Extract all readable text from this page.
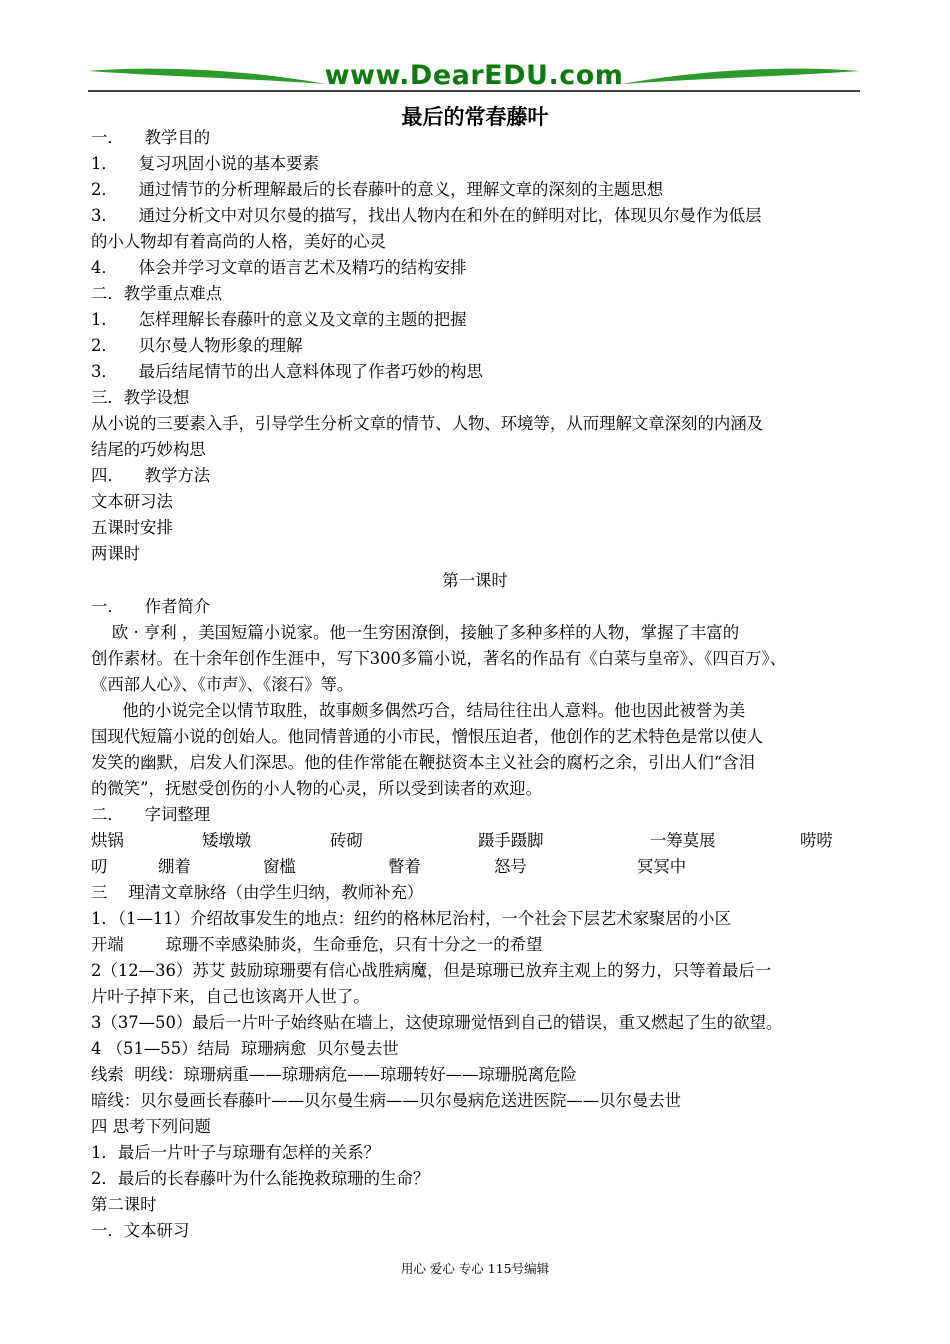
www.DearEDU.com
最后的常春藤叶
一．    教学目的
1．    复习巩固小说的基本要素
2．    通过情节的分析理解最后的长春藤叶的意义，理解文章的深刻的主题思想
3．    通过分析文中对贝尔曼的描写，找出人物内在和外在的鲜明对比，体现贝尔曼作为低层
的小人物却有着高尚的人格，美好的心灵
4．    体会并学习文章的语言艺术及精巧的结构安排
二．教学重点难点
1．    怎样理解长春藤叶的意义及文章的主题的把握
2．    贝尔曼人物形象的理解
3．    最后结尾情节的出人意料体现了作者巧妙的构思
三．教学设想
从小说的三要素入手，引导学生分析文章的情节、人物、环境等，从而理解文章深刻的内涵及
结尾的巧妙构思
四．    教学方法
文本研习法
五课时安排
两课时
第一课时
一．    作者简介
欧 · 亨利 ，美国短篇小说家。他一生穷困潦倒，接触了多种多样的人物，掌握了丰富的
创作素材。在十余年创作生涯中，写下300多篇小说，著名的作品有《白菜与皇帝》、《四百万》、
《西部人心》、《市声》、《滚石》等。
他的小说完全以情节取胜，故事颇多偶然巧合，结局往往出人意料。他也因此被誉为美
国现代短篇小说的创始人。他同情普通的小市民，憎恨压迫者，他创作的艺术特色是常以使人
发笑的幽默，启发人们深思。他的佳作常能在鞭挞资本主义社会的腐朽之余，引出人们“含泪
的微笑”，抚慰受创伤的小人物的心灵，所以受到读者的欢迎。
二．    字词整理
烘锅	矮墩墩	砖砌	蹑手蹑脚	一筹莫展	唠唠
叨	绷着	窗槛	瞥着	怒号	冥冥中
三    理清文章脉络（由学生归纳，教师补充）
1．（1—11）介绍故事发生的地点：纽约的格林尼治村，一个社会下层艺术家聚居的小区
开端        琼珊不幸感染肺炎，生命垂危，只有十分之一的希望
2（12—36）苏艾 鼓励琼珊要有信心战胜病魔，但是琼珊已放弃主观上的努力，只等着最后一
片叶子掉下来，自己也该离开人世了。
3（37—50）最后一片叶子始终贴在墙上，这使琼珊觉悟到自己的错误，重又燃起了生的欲望。
4 （51—55）结局  琼珊病愈  贝尔曼去世
线索  明线：琼珊病重——琼珊病危——琼珊转好——琼珊脱离危险
暗线：贝尔曼画长春藤叶——贝尔曼生病——贝尔曼病危送进医院——贝尔曼去世
四 思考下列问题
1．最后一片叶子与琼珊有怎样的关系？
2．最后的长春藤叶为什么能挽救琼珊的生命？
第二课时
一．文本研习
用心 爱心 专心 115号编辑
